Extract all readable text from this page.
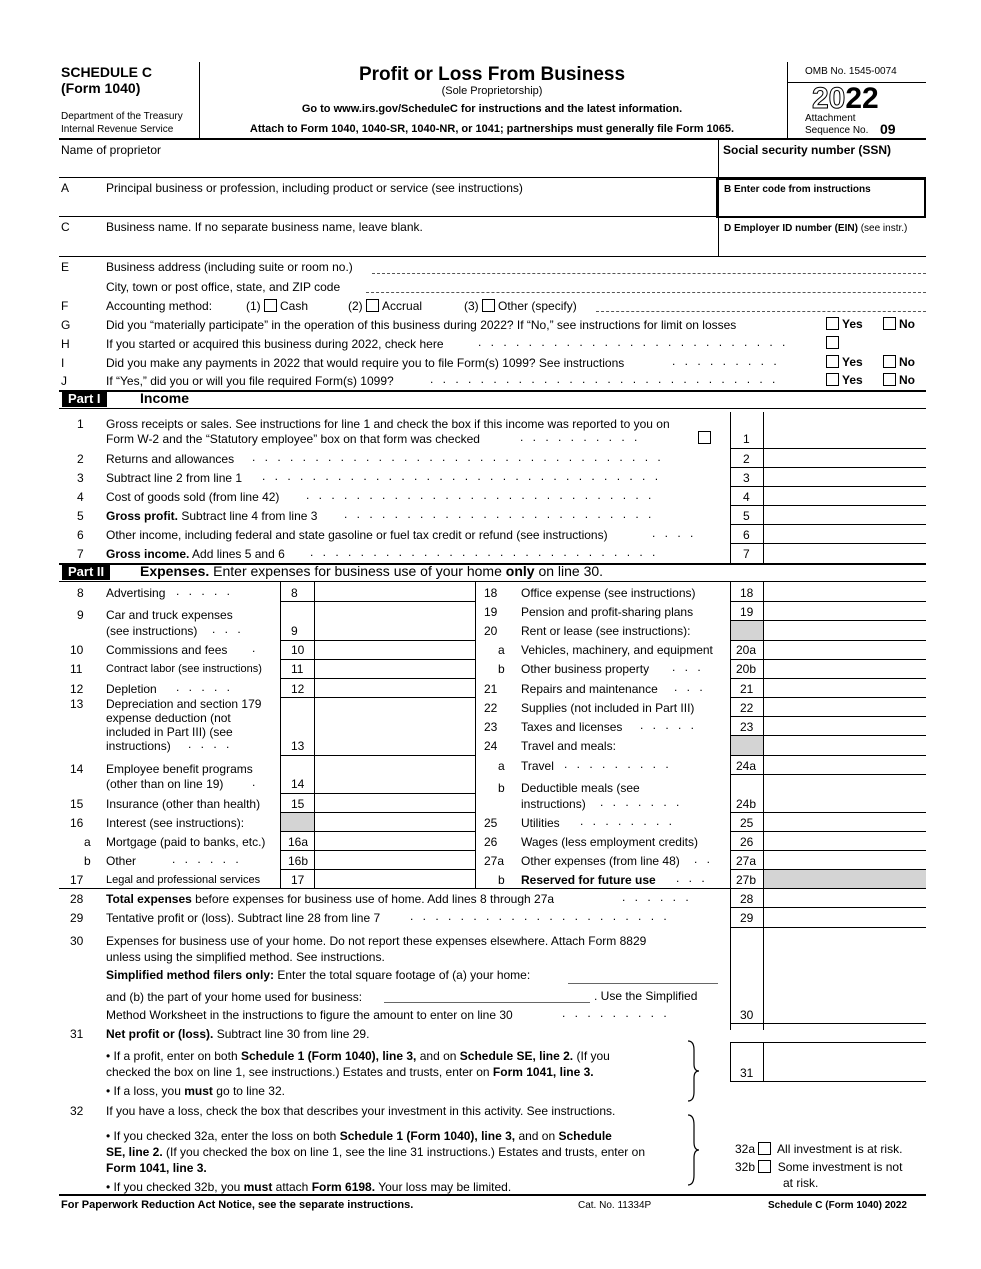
SCHEDULE C
(Form 1040)
Department of the Treasury
Internal Revenue Service
Profit or Loss From Business
(Sole Proprietorship)
Go to www.irs.gov/ScheduleC for instructions and the latest information.
Attach to Form 1040, 1040-SR, 1040-NR, or 1041; partnerships must generally file Form 1065.
OMB No. 1545-0074
2022
Attachment
Sequence No. 09
Name of proprietor	Social security number (SSN)
A	Principal business or profession, including product or service (see instructions)	B Enter code from instructions
C	Business name. If no separate business name, leave blank.	D Employer ID number (EIN) (see instr.)
E	Business address (including suite or room no.)
City, town or post office, state, and ZIP code
F	Accounting method:	(1) Cash	(2) Accrual	(3) Other (specify)
G	Did you “materially participate” in the operation of this business during 2022? If “No,” see instructions for limit on losses	Yes	No
H	If you started or acquired this business during 2022, check here	. . . . . . . . . . . . . . . . . . . . . . . . .
I	Did you make any payments in 2022 that would require you to file Form(s) 1099? See instructions	. . . . . . . . .	Yes	No
J	If “Yes,” did you or will you file required Form(s) 1099?	. . . . . . . . . . . . . . . . . . . . . . . . . . . .	Yes	No
Part I	Income
1 Gross receipts or sales. See instructions for line 1 and check the box if this income was reported to you on
Form W-2 and the “Statutory employee” box on that form was checked	. . . . . . . . . .	1
2 Returns and allowances . . . . . . . . . . . . . . . . . . . . . . . . . . . . . . . . .	2
3 Subtract line 2 from line 1 . . . . . . . . . . . . . . . . . . . . . . . . . . . . . . . .	3
4 Cost of goods sold (from line 42) . . . . . . . . . . . . . . . . . . . . . . . . . . . .	4
5 Gross profit. Subtract line 4 from line 3 . . . . . . . . . . . . . . . . . . . . . . . . .	5
6 Other income, including federal and state gasoline or fuel tax credit or refund (see instructions)	. . . .	6
7 Gross income. Add lines 5 and 6 . . . . . . . . . . . . . . . . . . . . . . . . . . . .	7
Part II	Expenses. Enter expenses for business use of your home only on line 30.
8 Advertising . . . . .	8
9 Car and truck expenses
(see instructions) . . .	9
10 Commissions and fees .	10
11 Contract labor (see instructions) 11
12 Depletion . . . . .	12
13 Depreciation and section 179
expense deduction (not
included in Part III) (see
instructions) . . . .	13
14 Employee benefit programs
(other than on line 19) .	14
15 Insurance (other than health)	15
16 Interest (see instructions):
a Mortgage (paid to banks, etc.) 16a
b Other	. . . . . .	16b
17 Legal and professional services	17
18 Office expense (see instructions)	18
19 Pension and profit-sharing plans	19
20 Rent or lease (see instructions):
a Vehicles, machinery, and equipment 20a
b Other business property . . .	20b
21 Repairs and maintenance . . .	21
22 Supplies (not included in Part III)	22
23 Taxes and licenses . . . . .	23
24 Travel and meals:
a Travel . . . . . . . . .	24a
b Deductible meals (see
instructions) . . . . . . .	24b
25 Utilities . . . . . . . .	25
26 Wages (less employment credits)	26
27a Other expenses (from line 48) . . 27a
b Reserved for future use . . . 27b
28 Total expenses before expenses for business use of home. Add lines 8 through 27a	. . . . . .	28
29 Tentative profit or (loss). Subtract line 28 from line 7 . . . . . . . . . . . . . . . . . . . . .	29
30 Expenses for business use of your home. Do not report these expenses elsewhere. Attach Form 8829
unless using the simplified method. See instructions.
Simplified method filers only: Enter the total square footage of (a) your home:
and (b) the part of your home used for business:	. Use the Simplified
Method Worksheet in the instructions to figure the amount to enter on line 30	. . . . . . . . .	30
31 Net profit or (loss). Subtract line 30 from line 29.
• If a profit, enter on both Schedule 1 (Form 1040), line 3, and on Schedule SE, line 2. (If you
checked the box on line 1, see instructions.) Estates and trusts, enter on Form 1041, line 3.
• If a loss, you must go to line 32.
31
32 If you have a loss, check the box that describes your investment in this activity. See instructions.
• If you checked 32a, enter the loss on both Schedule 1 (Form 1040), line 3, and on Schedule
SE, line 2. (If you checked the box on line 1, see the line 31 instructions.) Estates and trusts, enter on
Form 1041, line 3.
• If you checked 32b, you must attach Form 6198. Your loss may be limited.
32a All investment is at risk.
32b Some investment is not
at risk.
For Paperwork Reduction Act Notice, see the separate instructions.	Cat. No. 11334P	Schedule C (Form 1040) 2022
